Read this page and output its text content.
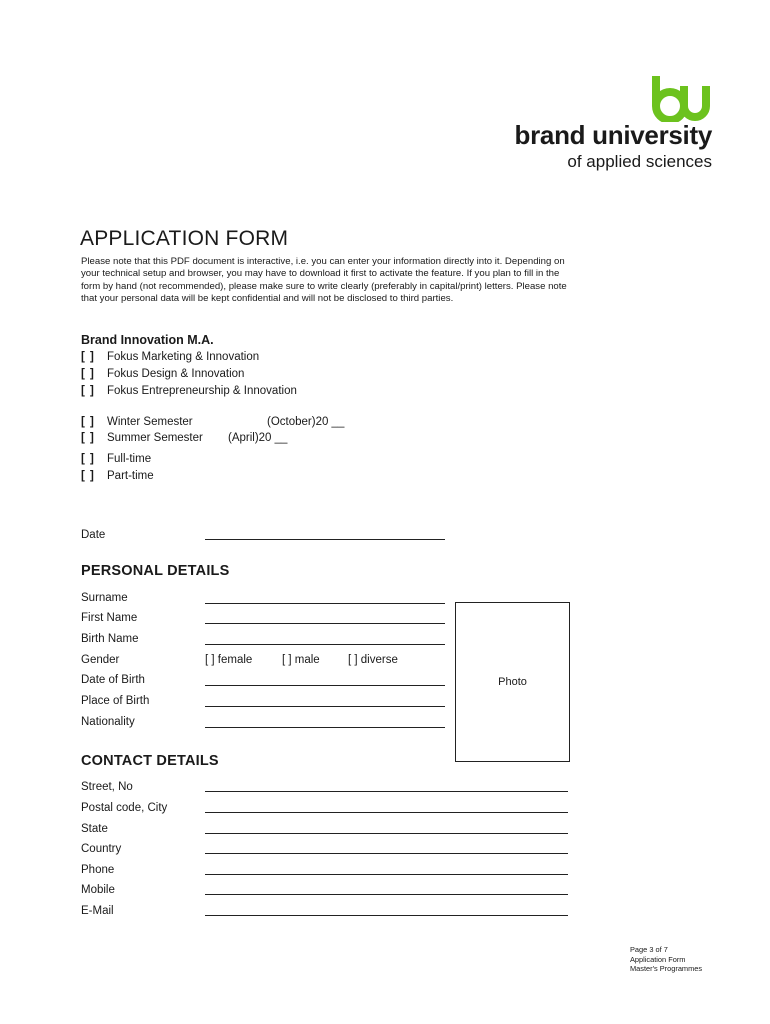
brand university
of applied sciences
APPLICATION FORM

Please note that this PDF document is interactive, i.e. you can enter your information directly into it. Depending on your technical setup and browser, you may have to download it first to activate the feature. If you plan to fill in the form by hand (not recommended), please make sure to write clearly (preferably in capital/print) letters. Please note that your personal data will be kept confidential and will not be disclosed to third parties.

Brand Innovation M.A.
[ ] Fokus Marketing & Innovation
[ ] Fokus Design & Innovation
[ ] Fokus Entrepreneurship & Innovation
[ ] Winter Semester	(October)20 __
[ ] Summer Semester (April)20 __
[ ] Full-time
[ ] Part-time
Date
PERSONAL DETAILS
Surname
First Name
Birth Name
Gender	[ ] female	[ ] male [ ] diverse
Date of Birth
Place of Birth
Nationality
Photo
CONTACT DETAILS
Street, No
Postal code, City
State
Country
Phone
Mobile
E-Mail
Page 3 of 7
Application Form
Master's Programmes
